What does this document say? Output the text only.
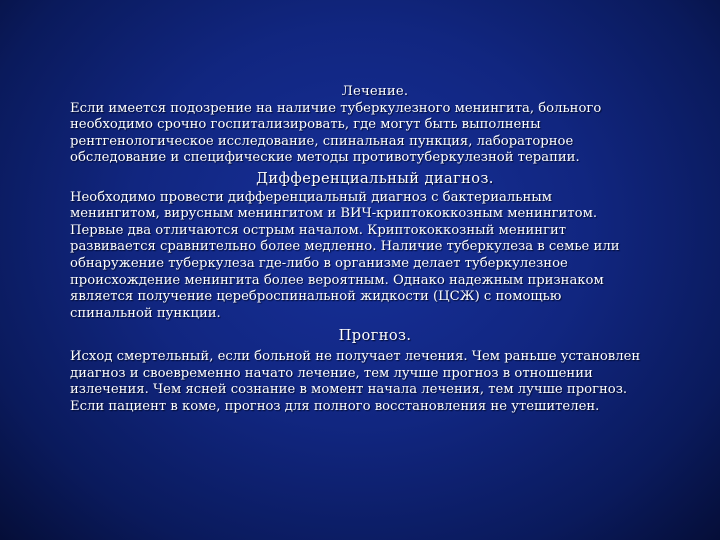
Лечение.
Если имеется подозрение на наличие туберкулезного менингита, больного
необходимо срочно госпитализировать, где могут быть выполнены
рентгенологическое исследование, спинальная пункция, лабораторное
обследование и специфические методы противотуберкулезной терапии.
Дифференциальный диагноз.
Необходимо провести дифференциальный диагноз с бактериальным
менингитом, вирусным менингитом и ВИЧ-криптококкозным менингитом.
Первые два отличаются острым началом. Криптококкозный менингит
развивается сравнительно более медленно. Наличие туберкулеза в семье или
обнаружение туберкулеза где-либо в организме делает туберкулезное
происхождение менингита более вероятным. Однако надежным признаком
является получение цереброспинальной жидкости (ЦСЖ) с помощью
спинальной пункции.
Прогноз.
Исход смертельный, если больной не получает лечения. Чем раньше установлен
диагноз и своевременно начато лечение, тем лучше прогноз в отношении
излечения. Чем ясней сознание в момент начала лечения, тем лучше прогноз.
Если пациент в коме, прогноз для полного восстановления не утешителен.
